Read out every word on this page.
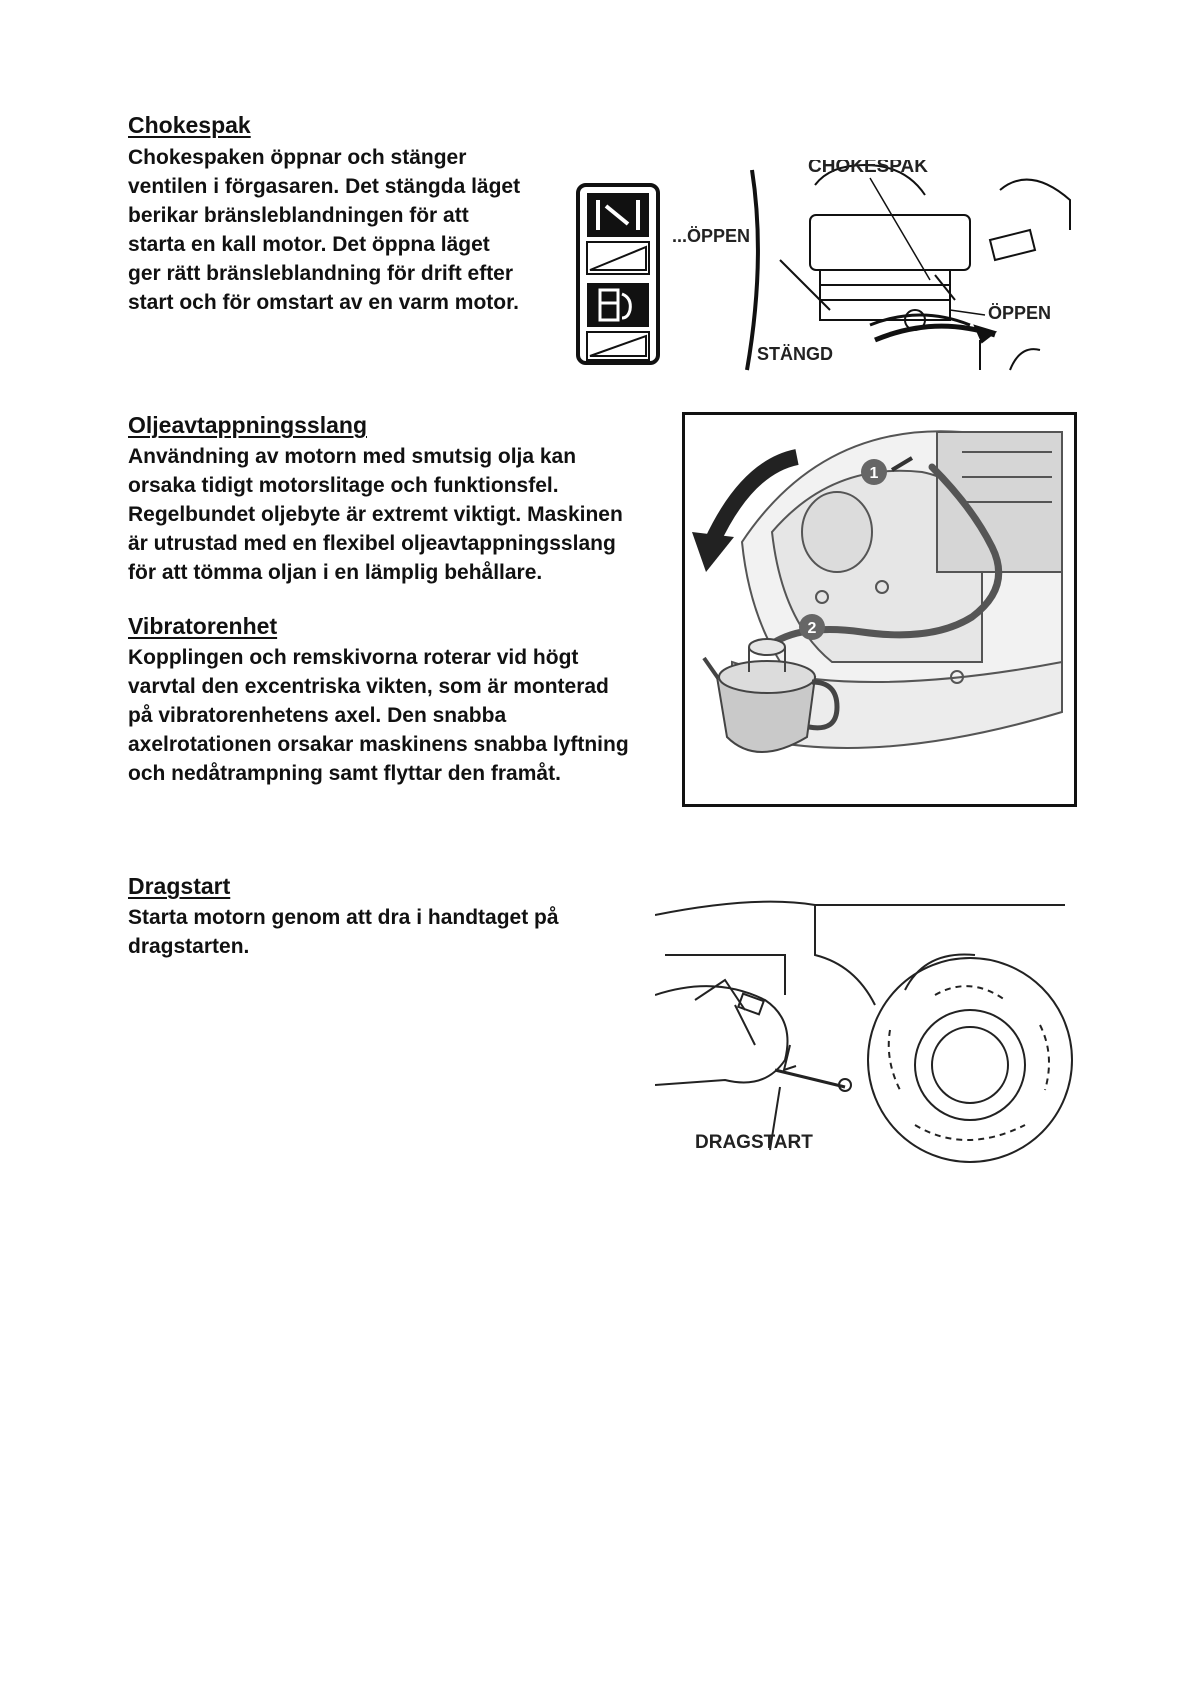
Chokespak
Chokespaken öppnar och stänger
ventilen i förgasaren. Det stängda läget
berikar bränsleblandningen för att
starta en kall motor. Det öppna läget
ger rätt bränsleblandning för drift efter
start och för omstart av en varm motor.
CHOKESPAK
...ÖPPEN
ÖPPEN
STÄNGD
Oljeavtappningsslang
Användning av motorn med smutsig olja kan
orsaka tidigt motorslitage och funktionsfel.
Regelbundet oljebyte är extremt viktigt. Maskinen
är utrustad med en flexibel oljeavtappningsslang
för att tömma oljan i en lämplig behållare.
1
2
Vibratorenhet
Kopplingen och remskivorna roterar vid högt
varvtal den excentriska vikten, som är monterad
på vibratorenhetens axel. Den snabba
axelrotationen orsakar maskinens snabba lyftning
och nedåtrampning samt flyttar den framåt.
Dragstart
Starta motorn genom att dra i handtaget på
dragstarten.
DRAGSTART
